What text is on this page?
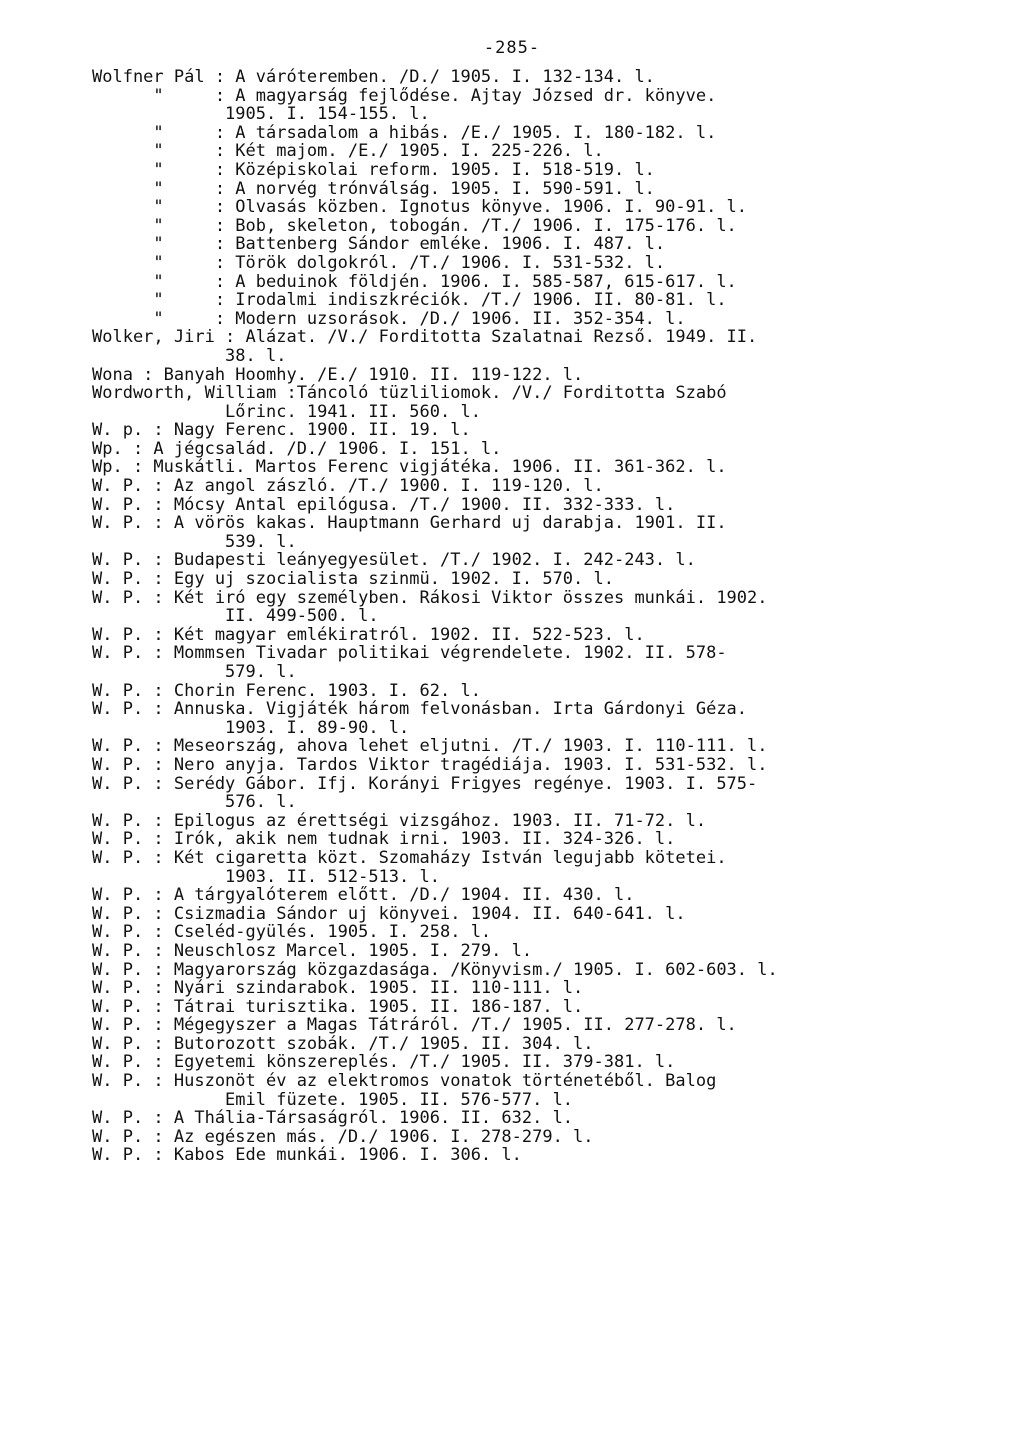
-285-
Wolfner Pál : A váróteremben. /D./ 1905. I. 132-134. l.
"     : A magyarság fejlődése. Ajtay Józsed dr. könyve.
1905. I. 154-155. l.
"     : A társadalom a hibás. /E./ 1905. I. 180-182. l.
"     : Két majom. /E./ 1905. I. 225-226. l.
"     : Középiskolai reform. 1905. I. 518-519. l.
"     : A norvég trónválság. 1905. I. 590-591. l.
"     : Olvasás közben. Ignotus könyve. 1906. I. 90-91. l.
"     : Bob, skeleton, tobogán. /T./ 1906. I. 175-176. l.
"     : Battenberg Sándor emléke. 1906. I. 487. l.
"     : Török dolgokról. /T./ 1906. I. 531-532. l.
"     : A beduinok földjén. 1906. I. 585-587, 615-617. l.
"     : Irodalmi indiszkréciók. /T./ 1906. II. 80-81. l.
"     : Modern uzsorások. /D./ 1906. II. 352-354. l.
Wolker, Jiri : Alázat. /V./ Forditotta Szalatnai Rezső. 1949. II.
38. l.
Wona : Banyah Hoomhy. /E./ 1910. II. 119-122. l.
Wordworth, William :Táncoló tüzliliomok. /V./ Forditotta Szabó
Lőrinc. 1941. II. 560. l.
W. p. : Nagy Ferenc. 1900. II. 19. l.
Wp. : A jégcsalád. /D./ 1906. I. 151. l.
Wp. : Muskátli. Martos Ferenc vigjátéka. 1906. II. 361-362. l.
W. P. : Az angol zászló. /T./ 1900. I. 119-120. l.
W. P. : Mócsy Antal epilógusa. /T./ 1900. II. 332-333. l.
W. P. : A vörös kakas. Hauptmann Gerhard uj darabja. 1901. II.
539. l.
W. P. : Budapesti leányegyesület. /T./ 1902. I. 242-243. l.
W. P. : Egy uj szocialista szinmü. 1902. I. 570. l.
W. P. : Két iró egy személyben. Rákosi Viktor összes munkái. 1902.
II. 499-500. l.
W. P. : Két magyar emlékiratról. 1902. II. 522-523. l.
W. P. : Mommsen Tivadar politikai végrendelete. 1902. II. 578-
579. l.
W. P. : Chorin Ferenc. 1903. I. 62. l.
W. P. : Annuska. Vigjáték három felvonásban. Irta Gárdonyi Géza.
1903. I. 89-90. l.
W. P. : Meseország, ahova lehet eljutni. /T./ 1903. I. 110-111. l.
W. P. : Nero anyja. Tardos Viktor tragédiája. 1903. I. 531-532. l.
W. P. : Serédy Gábor. Ifj. Korányi Frigyes regénye. 1903. I. 575-
576. l.
W. P. : Epilogus az érettségi vizsgához. 1903. II. 71-72. l.
W. P. : Irók, akik nem tudnak irni. 1903. II. 324-326. l.
W. P. : Két cigaretta közt. Szomaházy István legujabb kötetei.
1903. II. 512-513. l.
W. P. : A tárgyalóterem előtt. /D./ 1904. II. 430. l.
W. P. : Csizmadia Sándor uj könyvei. 1904. II. 640-641. l.
W. P. : Cseléd-gyülés. 1905. I. 258. l.
W. P. : Neuschlosz Marcel. 1905. I. 279. l.
W. P. : Magyarország közgazdasága. /Könyvism./ 1905. I. 602-603. l.
W. P. : Nyári szindarabok. 1905. II. 110-111. l.
W. P. : Tátrai turisztika. 1905. II. 186-187. l.
W. P. : Mégegyszer a Magas Tátráról. /T./ 1905. II. 277-278. l.
W. P. : Butorozott szobák. /T./ 1905. II. 304. l.
W. P. : Egyetemi könszereplés. /T./ 1905. II. 379-381. l.
W. P. : Huszonöt év az elektromos vonatok történetéből. Balog
Emil füzete. 1905. II. 576-577. l.
W. P. : A Thália-Társaságról. 1906. II. 632. l.
W. P. : Az egészen más. /D./ 1906. I. 278-279. l.
W. P. : Kabos Ede munkái. 1906. I. 306. l.
